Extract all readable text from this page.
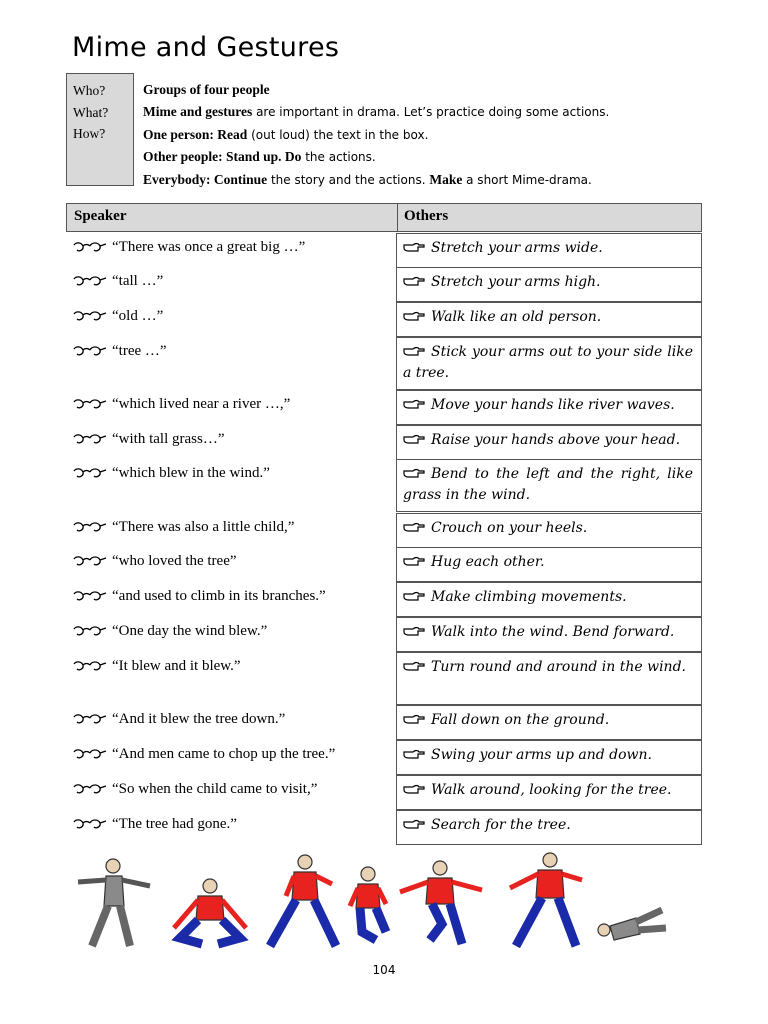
Mime and Gestures
Who?
What?
How?
Groups of four people
Mime and gestures are important in drama. Let’s practice doing some actions.
One person: Read (out loud) the text in the box.
Other people: Stand up. Do the actions.
Everybody: Continue the story and the actions. Make a short Mime-drama.
Speaker	Others
“There was once a great big …”	Stretch your arms wide.
“tall …”	Stretch your arms high.
“old …”	Walk like an old person.
“tree …”	Stick your arms out to your side like a tree.
“which lived near a river …,”	Move your hands like river waves.
“with tall grass…”	Raise your hands above your head.
“which blew in the wind.”	Bend to the left and the right, like grass in the wind.
“There was also a little child,”	Crouch on your heels.
“who loved the tree”	Hug each other.
“and used to climb in its branches.”	Make climbing movements.
“One day the wind blew.”	Walk into the wind. Bend forward.
“It blew and it blew.”	Turn round and around in the wind.
“And it blew the tree down.”	Fall down on the ground.
“And men came to chop up the tree.”	Swing your arms up and down.
“So when the child came to visit,”	Walk around, looking for the tree.
“The tree had gone.”	Search for the tree.
104
